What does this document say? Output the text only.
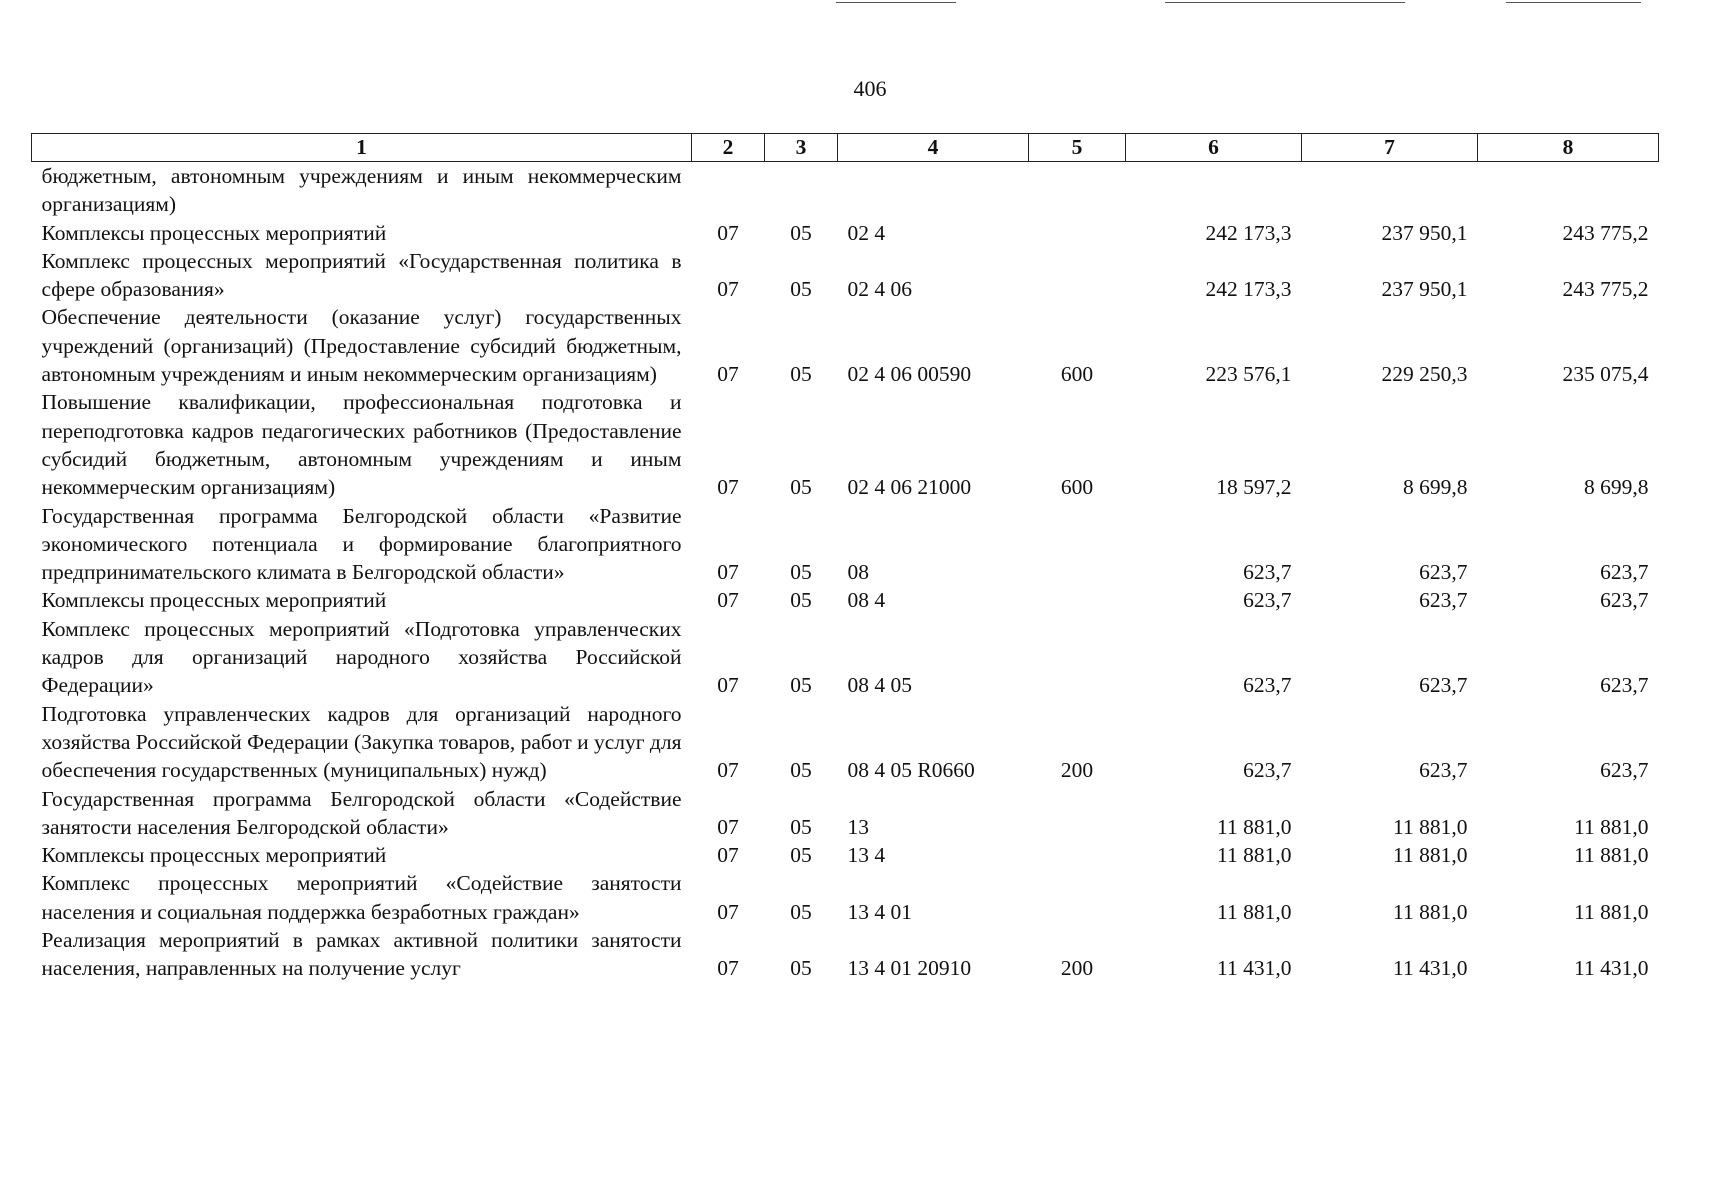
406
1	2	3	4	5	6	7	8
бюджетным, автономным учреждениям и иным некоммерческим организациям)							
Комплексы процессных мероприятий	07	05	02 4		242 173,3	237 950,1	243 775,2
Комплекс процессных мероприятий «Государственная политика в сфере образования»	07	05	02 4 06		242 173,3	237 950,1	243 775,2
Обеспечение деятельности (оказание услуг) государственных учреждений (организаций) (Предоставление субсидий бюджетным, автономным учреждениям и иным некоммерческим организациям)	07	05	02 4 06 00590	600	223 576,1	229 250,3	235 075,4
Повышение квалификации, профессиональная подготовка и переподготовка кадров педагогических работников (Предоставление субсидий бюджетным, автономным учреждениям и иным некоммерческим организациям)	07	05	02 4 06 21000	600	18 597,2	8 699,8	8 699,8
Государственная программа Белгородской области «Развитие экономического потенциала и формирование благоприятного предпринимательского климата в Белгородской области»	07	05	08		623,7	623,7	623,7
Комплексы процессных мероприятий	07	05	08 4		623,7	623,7	623,7
Комплекс процессных мероприятий «Подготовка управленческих кадров для организаций народного хозяйства Российской Федерации»	07	05	08 4 05		623,7	623,7	623,7
Подготовка управленческих кадров для организаций народного хозяйства Российской Федерации (Закупка товаров, работ и услуг для обеспечения государственных (муниципальных) нужд)	07	05	08 4 05 R0660	200	623,7	623,7	623,7
Государственная программа Белгородской области «Содействие занятости населения Белгородской области»	07	05	13		11 881,0	11 881,0	11 881,0
Комплексы процессных мероприятий	07	05	13 4		11 881,0	11 881,0	11 881,0
Комплекс процессных мероприятий «Содействие занятости населения и социальная поддержка безработных граждан»	07	05	13 4 01		11 881,0	11 881,0	11 881,0
Реализация мероприятий в рамках активной политики занятости населения, направленных на получение услуг	07	05	13 4 01 20910	200	11 431,0	11 431,0	11 431,0
